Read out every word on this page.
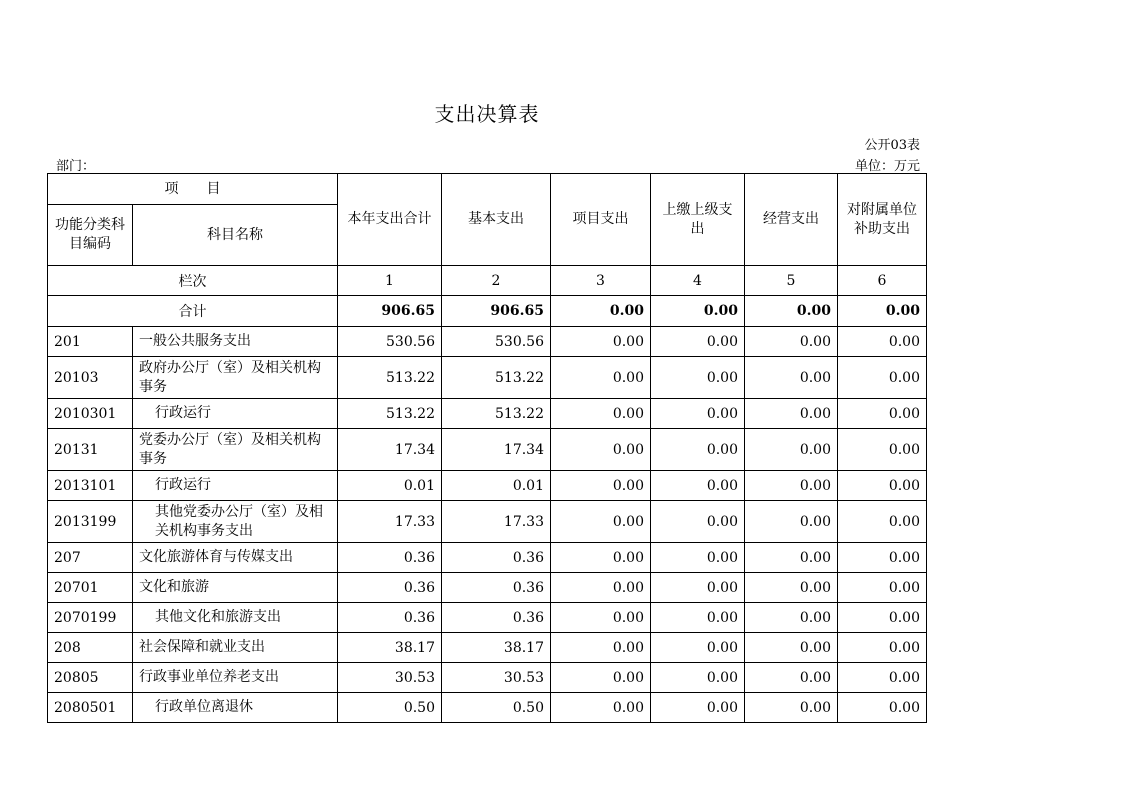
支出决算表
公开03表
部门：	单位：万元
项　　目		本年支出合计	基本支出	项目支出	上缴上级支出	经营支出	对附属单位补助支出
功能分类科目编码	科目名称						
栏次		1	2	3	4	5	6
合计		906.65	906.65	0.00	0.00	0.00	0.00
201	一般公共服务支出	530.56	530.56	0.00	0.00	0.00	0.00
20103	政府办公厅（室）及相关机构事务	513.22	513.22	0.00	0.00	0.00	0.00
2010301	行政运行	513.22	513.22	0.00	0.00	0.00	0.00
20131	党委办公厅（室）及相关机构事务	17.34	17.34	0.00	0.00	0.00	0.00
2013101	行政运行	0.01	0.01	0.00	0.00	0.00	0.00
2013199	其他党委办公厅（室）及相关机构事务支出	17.33	17.33	0.00	0.00	0.00	0.00
207	文化旅游体育与传媒支出	0.36	0.36	0.00	0.00	0.00	0.00
20701	文化和旅游	0.36	0.36	0.00	0.00	0.00	0.00
2070199	其他文化和旅游支出	0.36	0.36	0.00	0.00	0.00	0.00
208	社会保障和就业支出	38.17	38.17	0.00	0.00	0.00	0.00
20805	行政事业单位养老支出	30.53	30.53	0.00	0.00	0.00	0.00
2080501	行政单位离退休	0.50	0.50	0.00	0.00	0.00	0.00
